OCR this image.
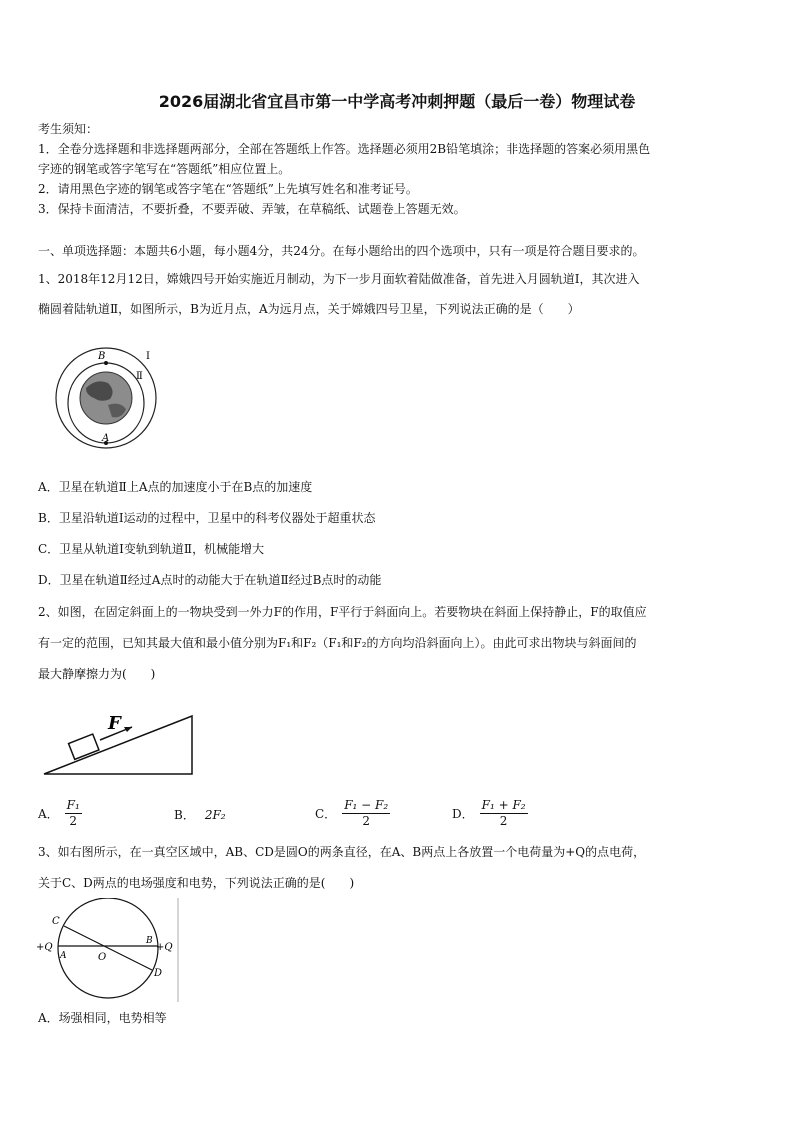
2026届湖北省宜昌市第一中学高考冲刺押题（最后一卷）物理试卷
考生须知：
1．全卷分选择题和非选择题两部分，全部在答题纸上作答。选择题必须用2B铅笔填涂；非选择题的答案必须用黑色
字迹的钢笔或答字笔写在“答题纸”相应位置上。
2．请用黑色字迹的钢笔或答字笔在“答题纸”上先填写姓名和准考证号。
3．保持卡面清洁，不要折叠，不要弄破、弄皱，在草稿纸、试题卷上答题无效。
一、单项选择题：本题共6小题，每小题4分，共24分。在每小题给出的四个选项中，只有一项是符合题目要求的。
1、2018年12月12日，嫦娥四号开始实施近月制动，为下一步月面软着陆做准备，首先进入月圆轨道Ⅰ，其次进入
椭圆着陆轨道Ⅱ，如图所示，B为近月点，A为远月点，关于嫦娥四号卫星，下列说法正确的是（　　）
B
A
Ⅰ
Ⅱ
A．卫星在轨道Ⅱ上A点的加速度小于在B点的加速度
B．卫星沿轨道Ⅰ运动的过程中，卫星中的科考仪器处于超重状态
C．卫星从轨道Ⅰ变轨到轨道Ⅱ，机械能增大
D．卫星在轨道Ⅱ经过A点时的动能大于在轨道Ⅱ经过B点时的动能
2、如图，在固定斜面上的一物块受到一外力F的作用，F平行于斜面向上。若要物块在斜面上保持静止，F的取值应
有一定的范围，已知其最大值和最小值分别为F₁和F₂（F₁和F₂的方向均沿斜面向上）。由此可求出物块与斜面间的
最大静摩擦力为(　　)
F
A． $\frac{\text{F₁}}{2}$	B． 2F₂	C． $\frac{\text{F₁ − F₂}}{2}$	D． $\frac{\text{F₁ + F₂}}{2}$
3、如右图所示，在一真空区域中，AB、CD是圆O的两条直径，在A、B两点上各放置一个电荷量为+Q的点电荷，
关于C、D两点的电场强度和电势，下列说法正确的是(　　)
C
+Q
A	O
B
+Q
D
A．场强相同，电势相等
